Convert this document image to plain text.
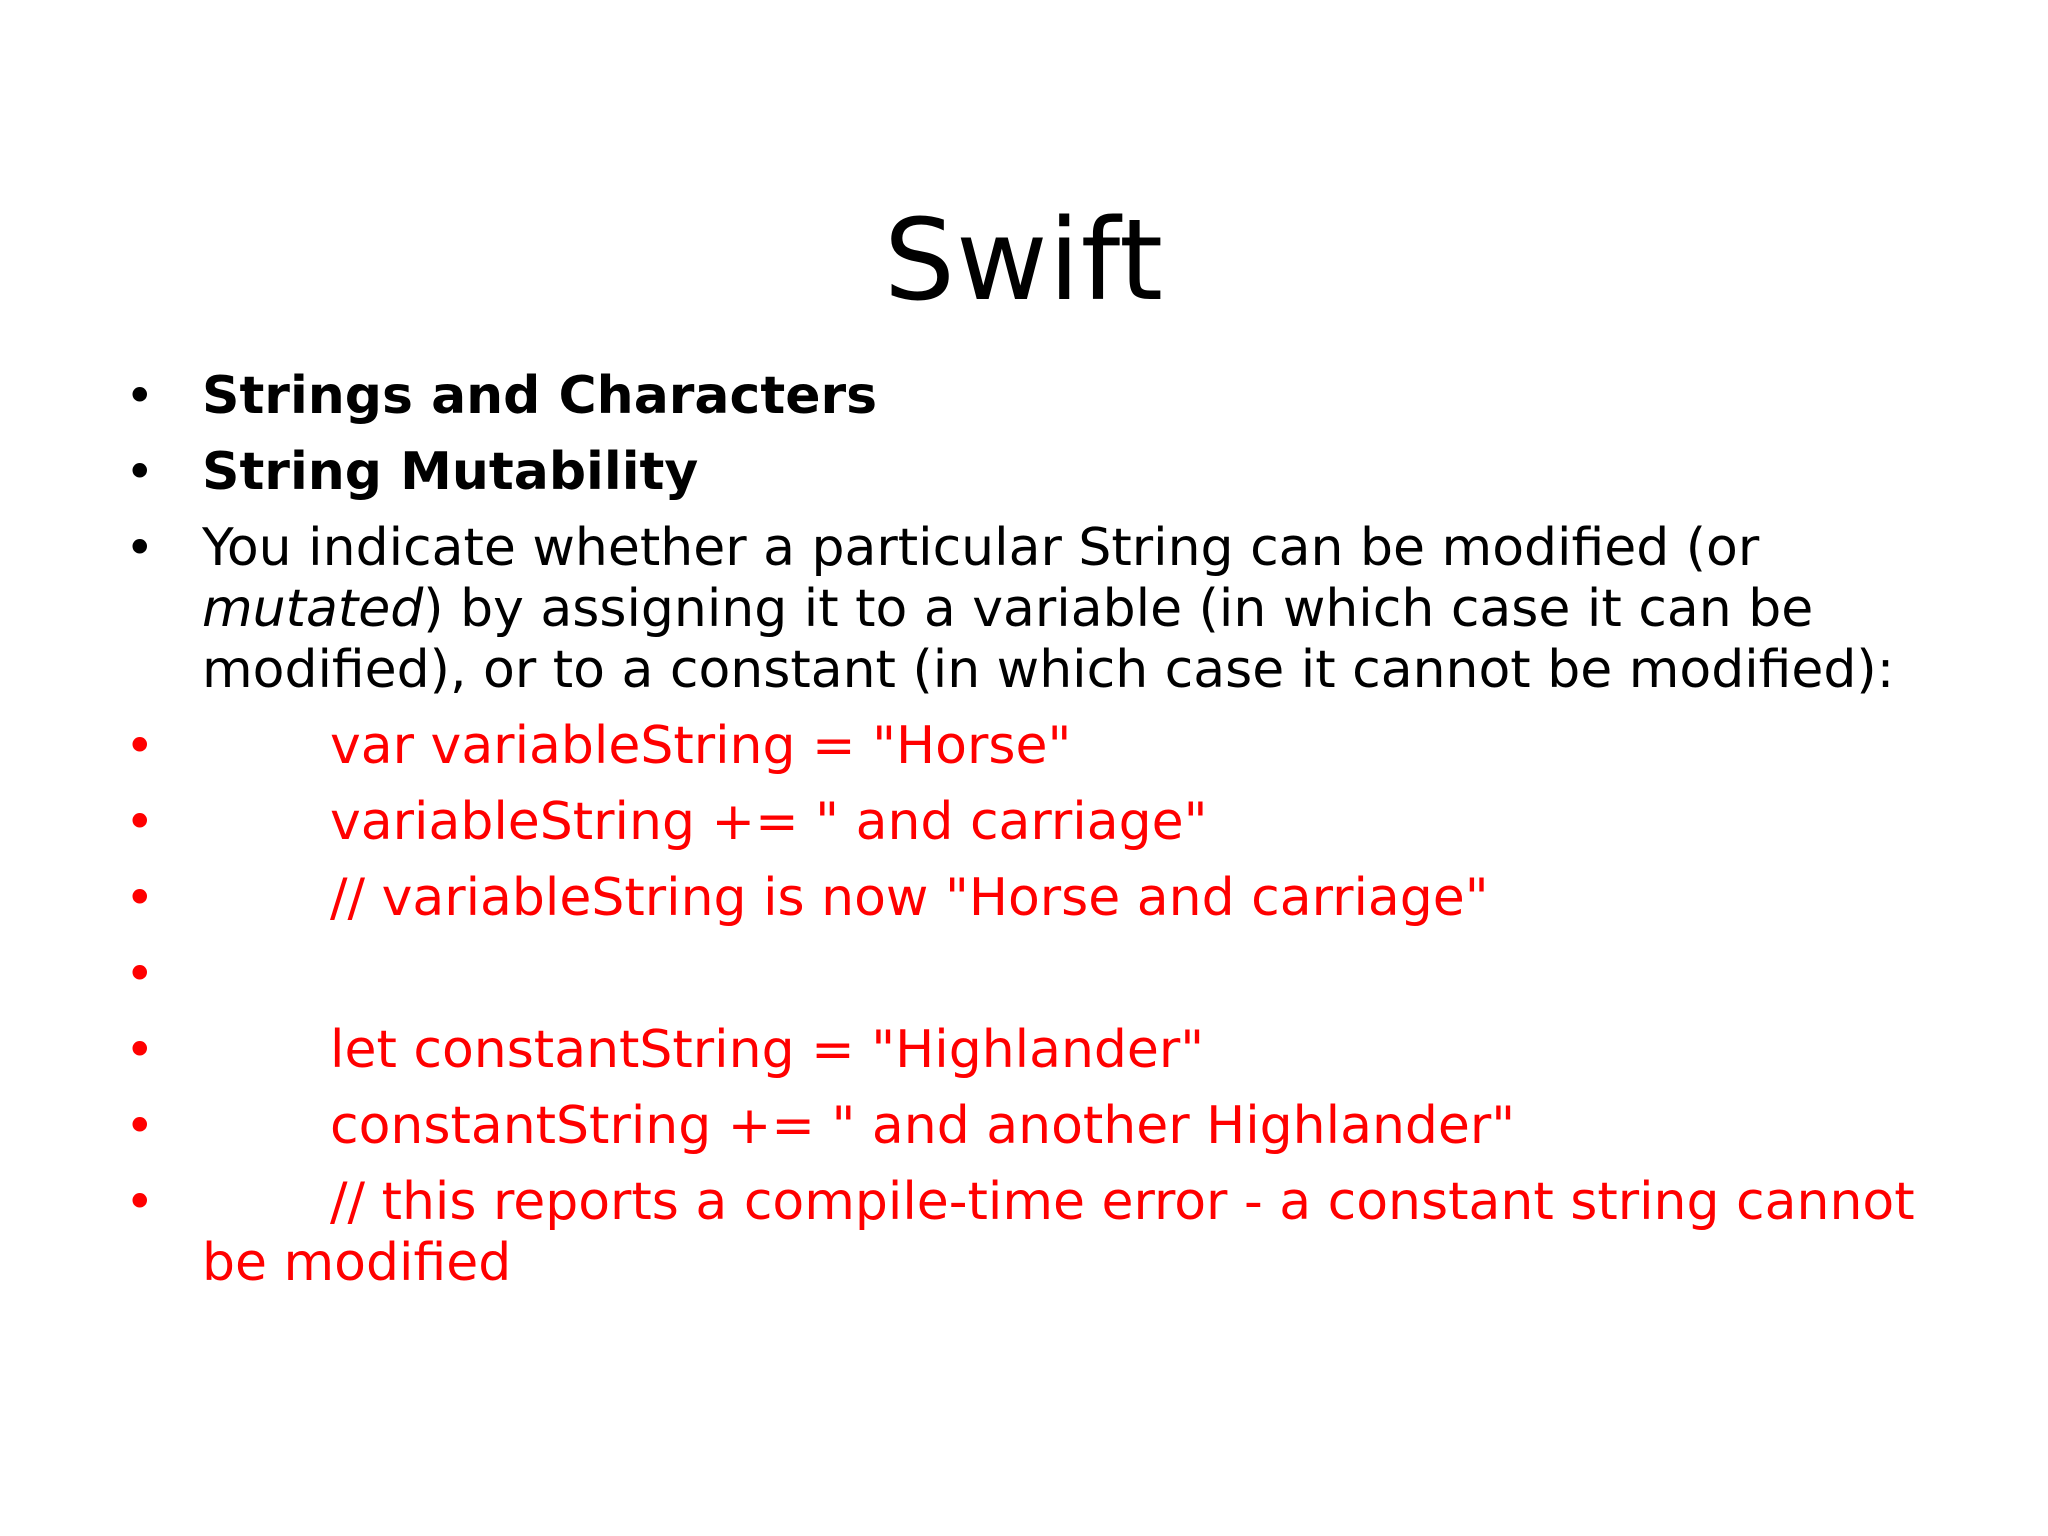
Swift
• Strings and Characters
• String Mutability
• You indicate whether a particular String can be modified (or
mutated) by assigning it to a variable (in which case it can be
modified), or to a constant (in which case it cannot be modified):
•	var variableString = "Horse"
•	variableString += " and carriage"
•	// variableString is now "Horse and carriage"
•
•	let constantString = "Highlander"
•	constantString += " and another Highlander"
•	// this reports a compile-time error - a constant string cannot
be modified
